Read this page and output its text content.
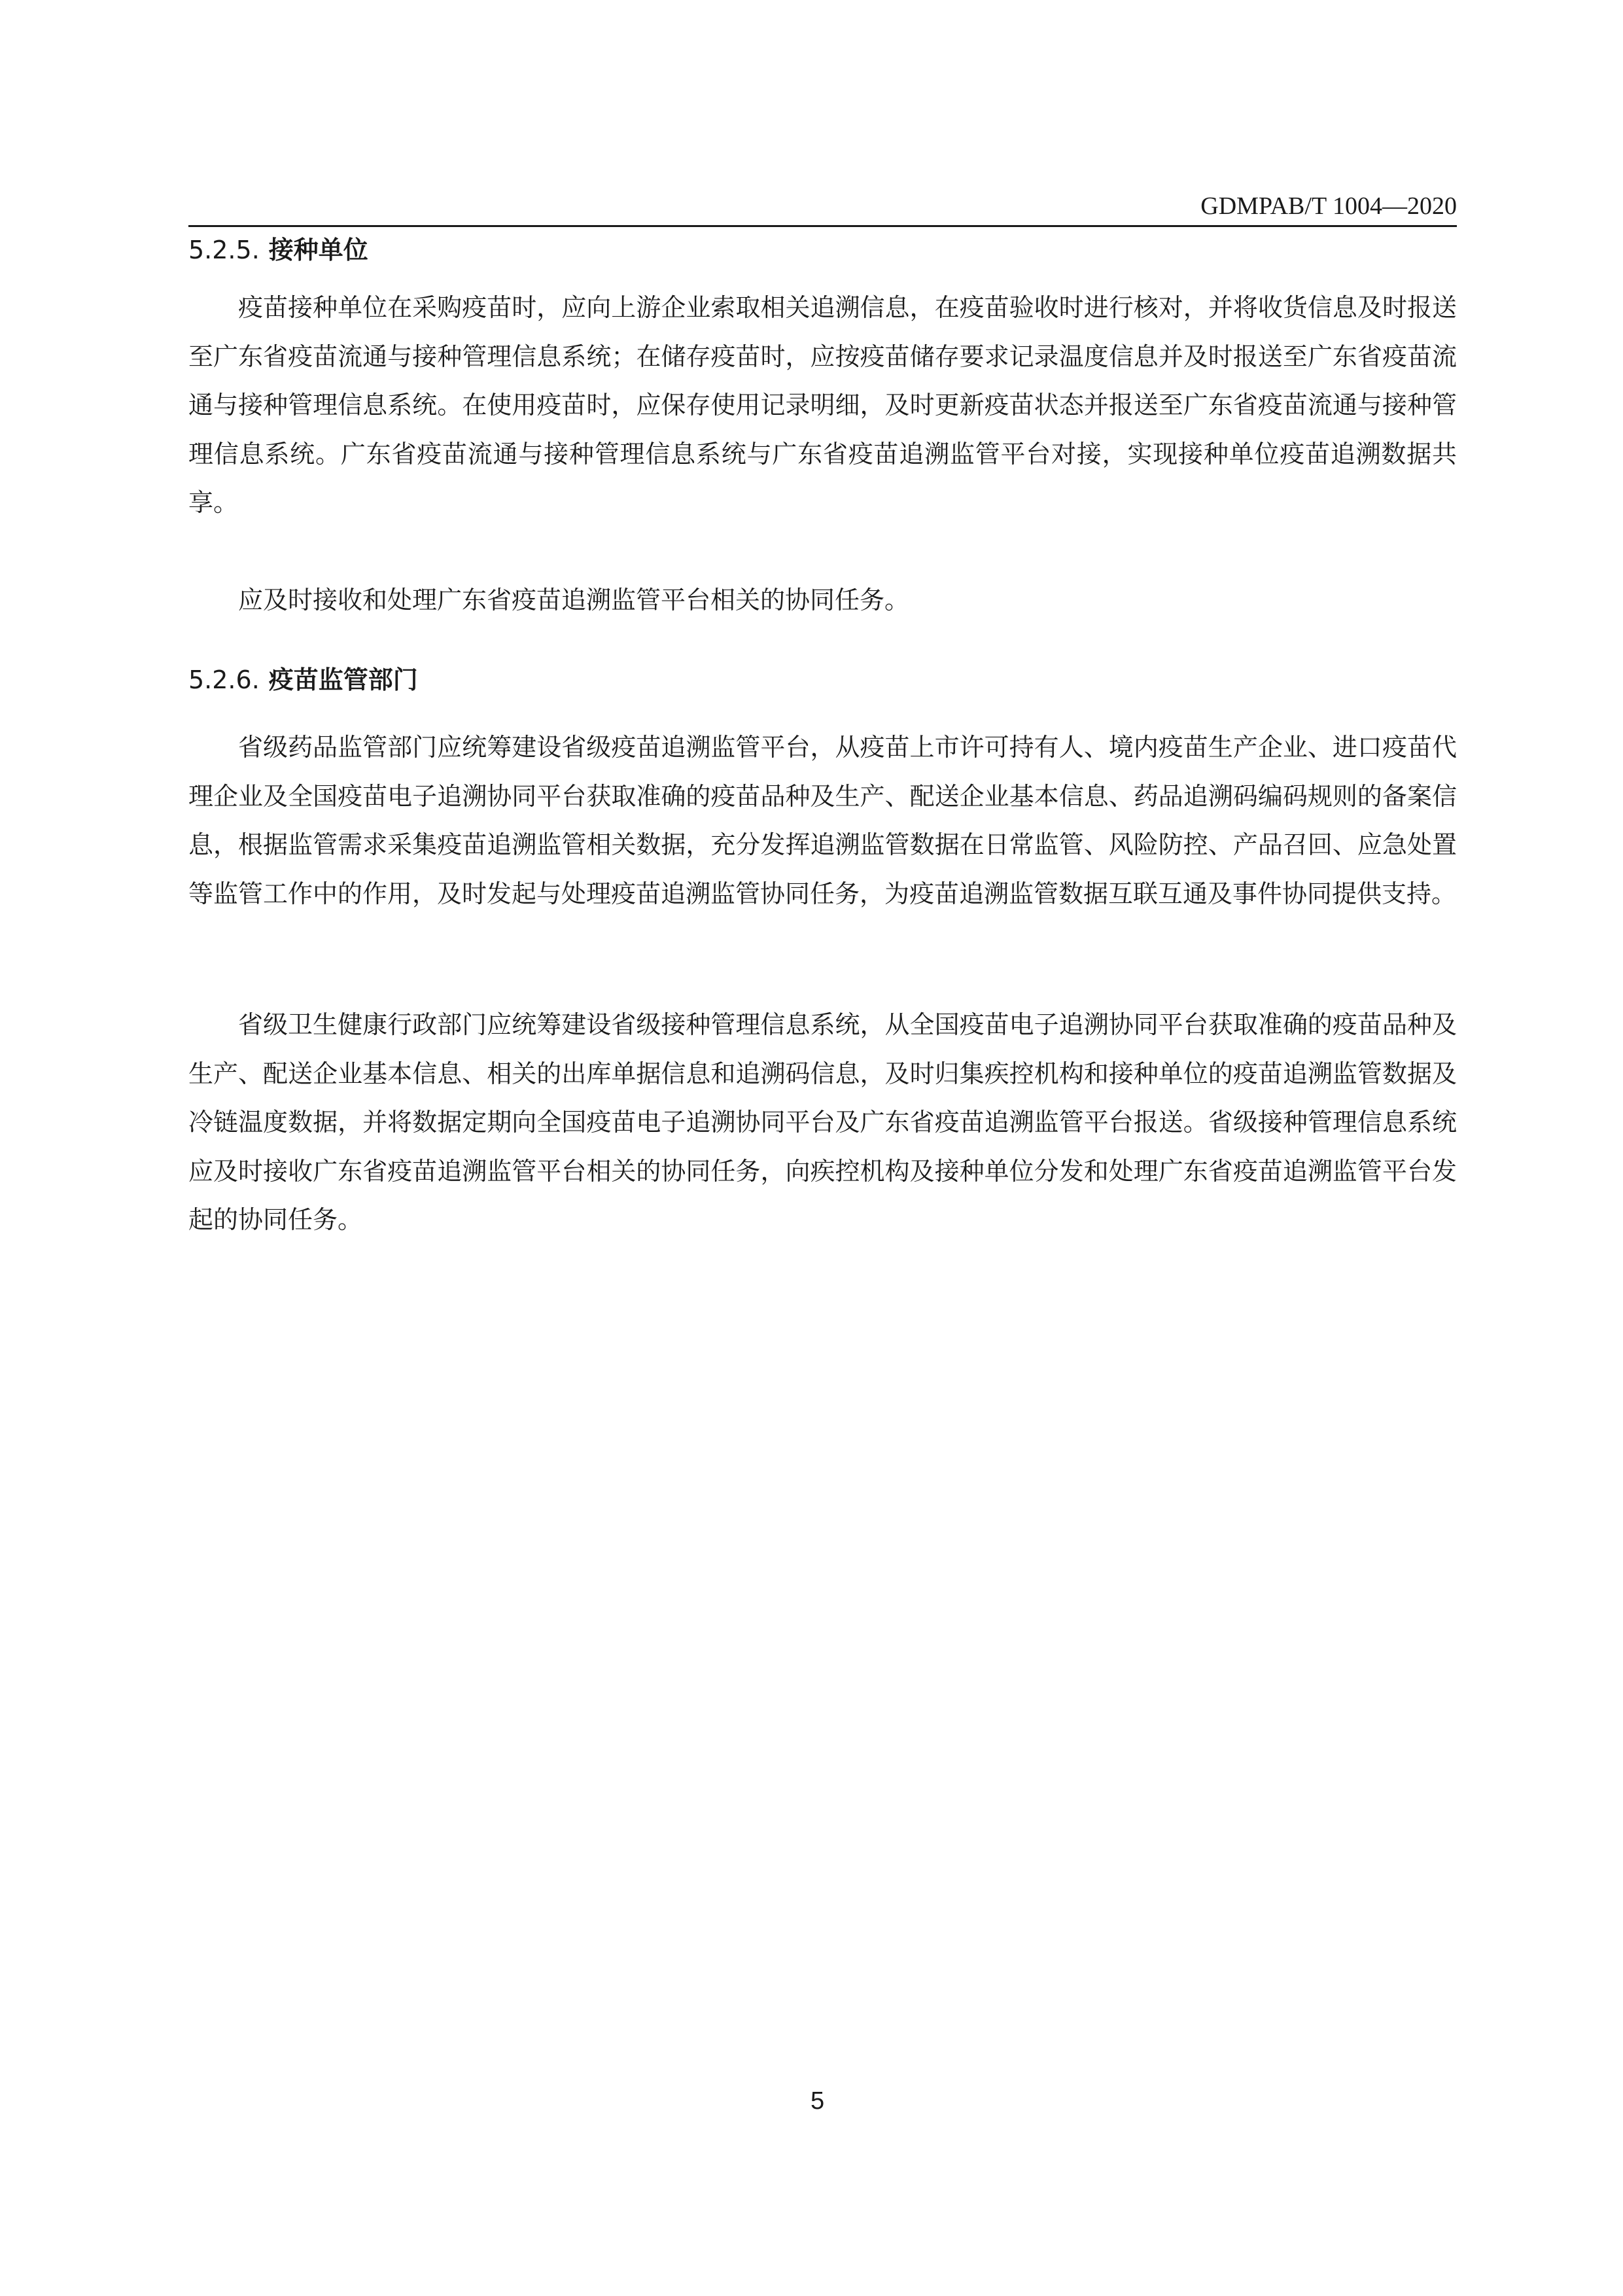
GDMPAB/T 1004—2020
5.2.5. 接种单位

疫苗接种单位在采购疫苗时，应向上游企业索取相关追溯信息，在疫苗验收时进行核对，并将收货信息及时报送至广东省疫苗流通与接种管理信息系统；在储存疫苗时，应按疫苗储存要求记录温度信息并及时报送至广东省疫苗流通与接种管理信息系统。在使用疫苗时，应保存使用记录明细，及时更新疫苗状态并报送至广东省疫苗流通与接种管理信息系统。广东省疫苗流通与接种管理信息系统与广东省疫苗追溯监管平台对接，实现接种单位疫苗追溯数据共享。

应及时接收和处理广东省疫苗追溯监管平台相关的协同任务。

5.2.6. 疫苗监管部门

省级药品监管部门应统筹建设省级疫苗追溯监管平台，从疫苗上市许可持有人、境内疫苗生产企业、进口疫苗代理企业及全国疫苗电子追溯协同平台获取准确的疫苗品种及生产、配送企业基本信息、药品追溯码编码规则的备案信息，根据监管需求采集疫苗追溯监管相关数据，充分发挥追溯监管数据在日常监管、风险防控、产品召回、应急处置等监管工作中的作用，及时发起与处理疫苗追溯监管协同任务，为疫苗追溯监管数据互联互通及事件协同提供支持。

省级卫生健康行政部门应统筹建设省级接种管理信息系统，从全国疫苗电子追溯协同平台获取准确的疫苗品种及生产、配送企业基本信息、相关的出库单据信息和追溯码信息，及时归集疾控机构和接种单位的疫苗追溯监管数据及冷链温度数据，并将数据定期向全国疫苗电子追溯协同平台及广东省疫苗追溯监管平台报送。省级接种管理信息系统应及时接收广东省疫苗追溯监管平台相关的协同任务，向疾控机构及接种单位分发和处理广东省疫苗追溯监管平台发起的协同任务。

5
